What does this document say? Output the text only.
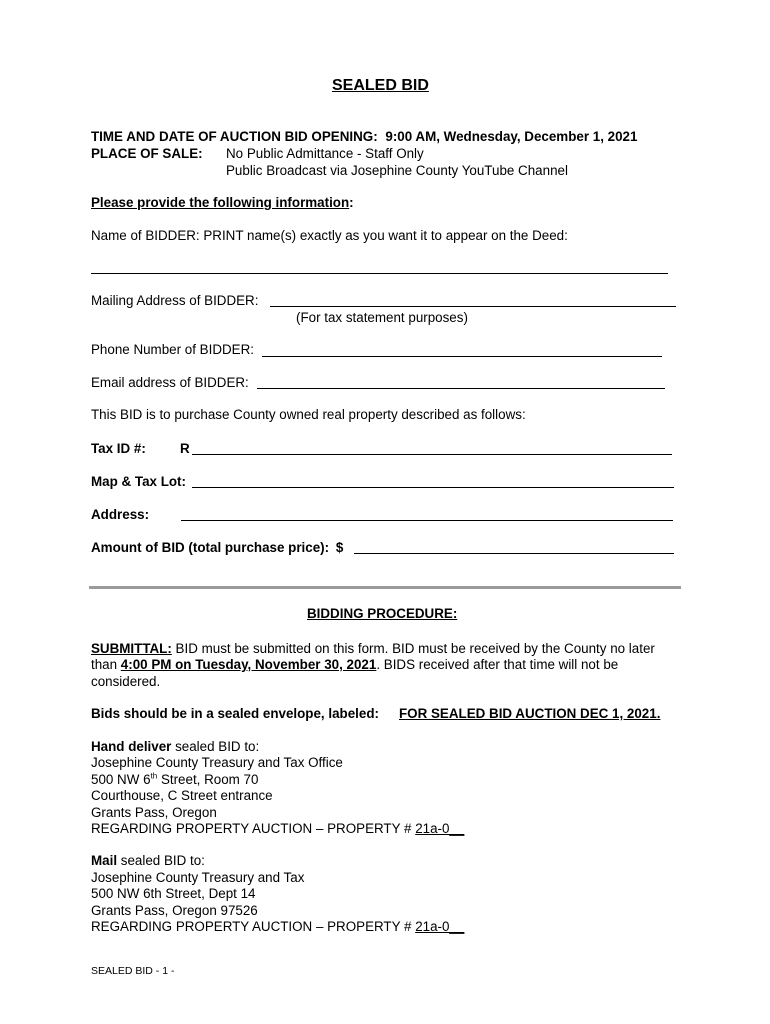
SEALED BID
TIME AND DATE OF AUCTION BID OPENING: 9:00 AM, Wednesday, December 1, 2021
PLACE OF SALE: No Public Admittance - Staff Only
Public Broadcast via Josephine County YouTube Channel
Please provide the following information:
Name of BIDDER: PRINT name(s) exactly as you want it to appear on the Deed:
Mailing Address of BIDDER:
(For tax statement purposes)
Phone Number of BIDDER:
Email address of BIDDER:
This BID is to purchase County owned real property described as follows:
Tax ID #:	R
Map & Tax Lot:
Address:
Amount of BID (total purchase price): $
BIDDING PROCEDURE:
SUBMITTAL: BID must be submitted on this form. BID must be received by the County no later
than 4:00 PM on Tuesday, November 30, 2021. BIDS received after that time will not be
considered.
Bids should be in a sealed envelope, labeled: FOR SEALED BID AUCTION DEC 1, 2021.
Hand deliver sealed BID to:
Josephine County Treasury and Tax Office
500 NW 6th Street, Room 70
Courthouse, C Street entrance
Grants Pass, Oregon
REGARDING PROPERTY AUCTION – PROPERTY # 21a-0__
Mail sealed BID to:
Josephine County Treasury and Tax
500 NW 6th Street, Dept 14
Grants Pass, Oregon 97526
REGARDING PROPERTY AUCTION – PROPERTY # 21a-0__
SEALED BID - 1 -
